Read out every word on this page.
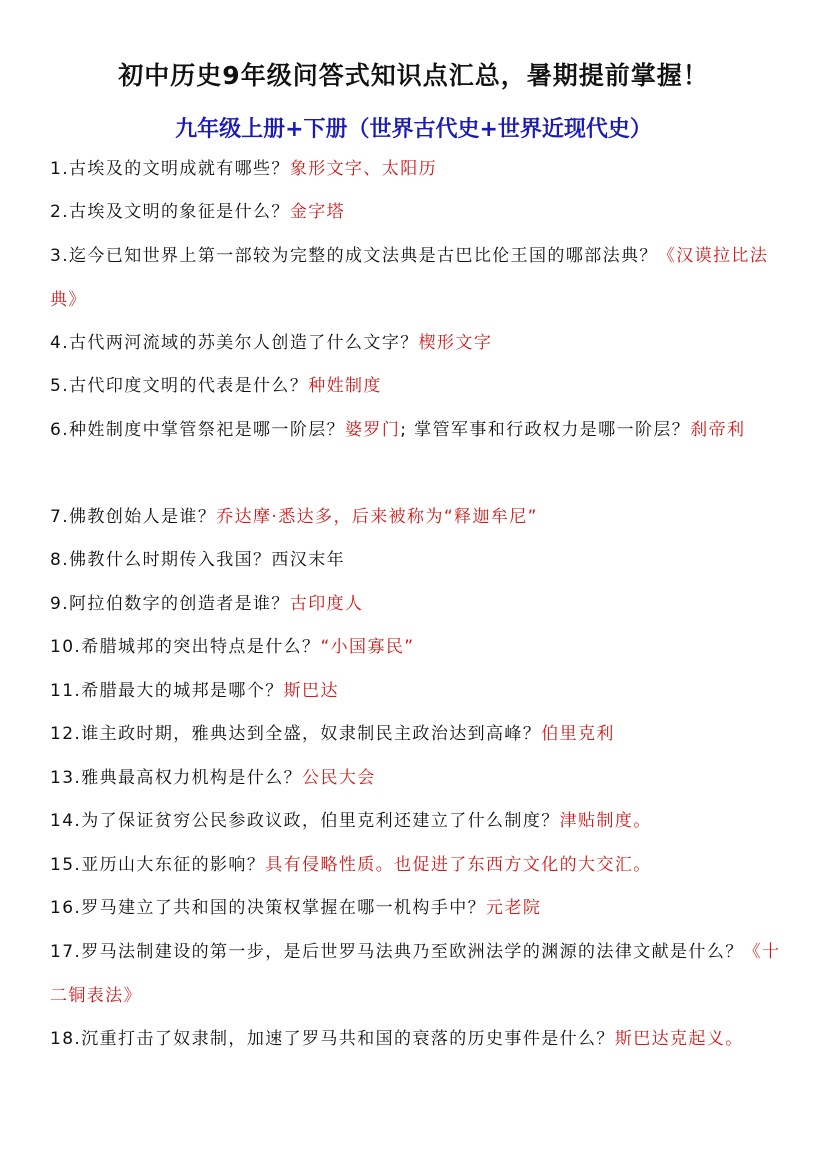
初中历史9年级问答式知识点汇总，暑期提前掌握！
九年级上册+下册（世界古代史+世界近现代史）
1.古埃及的文明成就有哪些？象形文字、太阳历
2.古埃及文明的象征是什么？金字塔
3.迄今已知世界上第一部较为完整的成文法典是古巴比伦王国的哪部法典？《汉谟拉比法典》
4.古代两河流域的苏美尔人创造了什么文字？楔形文字
5.古代印度文明的代表是什么？种姓制度
6.种姓制度中掌管祭祀是哪一阶层？婆罗门; 掌管军事和行政权力是哪一阶层？刹帝利
7.佛教创始人是谁？乔达摩·悉达多，后来被称为“释迦牟尼”
8.佛教什么时期传入我国？西汉末年
9.阿拉伯数字的创造者是谁？古印度人
10.希腊城邦的突出特点是什么？“小国寡民”
11.希腊最大的城邦是哪个？斯巴达
12.谁主政时期，雅典达到全盛，奴隶制民主政治达到高峰？伯里克利
13.雅典最高权力机构是什么？公民大会
14.为了保证贫穷公民参政议政，伯里克利还建立了什么制度？津贴制度。
15.亚历山大东征的影响？具有侵略性质。也促进了东西方文化的大交汇。
16.罗马建立了共和国的决策权掌握在哪一机构手中？元老院
17.罗马法制建设的第一步，是后世罗马法典乃至欧洲法学的渊源的法律文献是什么？《十二铜表法》
18.沉重打击了奴隶制，加速了罗马共和国的衰落的历史事件是什么？斯巴达克起义。
